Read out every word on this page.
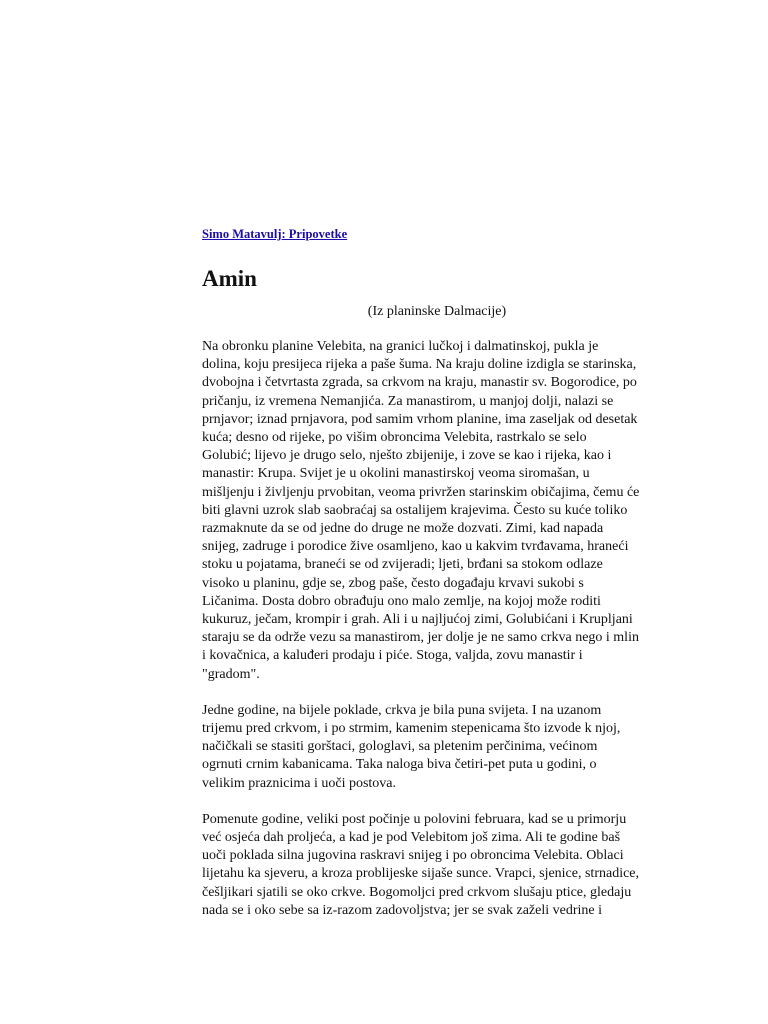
Simo Matavulj: Pripovetke
Amin
(Iz planinske Dalmacije)

Na obronku planine Velebita, na granici lučkoj i dalmatinskoj, pukla je
dolina, koju presijeca rijeka a paše šuma. Na kraju doline izdigla se starinska,
dvobojna i četvrtasta zgrada, sa crkvom na kraju, manastir sv. Bogorodice, po
pričanju, iz vremena Nemanjića. Za manastirom, u manjoj dolji, nalazi se
prnjavor; iznad prnjavora, pod samim vrhom planine, ima zaseljak od desetak
kuća; desno od rijeke, po višim obroncima Velebita, rastrkalo se selo
Golubić; lijevo je drugo selo, nješto zbijenije, i zove se kao i rijeka, kao i
manastir: Krupa. Svijet je u okolini manastirskoj veoma siromašan, u
mišljenju i življenju prvobitan, veoma privržen starinskim običajima, čemu će
biti glavni uzrok slab saobraćaj sa ostalijem krajevima. Često su kuće toliko
razmaknute da se od jedne do druge ne može dozvati. Zimi, kad napada
snijeg, zadruge i porodice žive osamljeno, kao u kakvim tvrđavama, hraneći
stoku u pojatama, braneći se od zvijeradi; ljeti, brđani sa stokom odlaze
visoko u planinu, gdje se, zbog paše, često događaju krvavi sukobi s
Ličanima. Dosta dobro obrađuju ono malo zemlje, na kojoj može roditi
kukuruz, ječam, krompir i grah. Ali i u najljućoj zimi, Golubićani i Krupljani
staraju se da održe vezu sa manastirom, jer dolje je ne samo crkva nego i mlin
i kovačnica, a kaluđeri prodaju i piće. Stoga, valjda, zovu manastir i
"gradom".

Jedne godine, na bijele poklade, crkva je bila puna svijeta. I na uzanom
trijemu pred crkvom, i po strmim, kamenim stepenicama što izvode k njoj,
načičkali se stasiti gorštaci, gologlavi, sa pletenim perčinima, većinom
ogrnuti crnim kabanicama. Taka naloga biva četiri-pet puta u godini, o
velikim praznicima i uoči postova.

Pomenute godine, veliki post počinje u polovini februara, kad se u primorju
već osjeća dah proljeća, a kad je pod Velebitom još zima. Ali te godine baš
uoči poklada silna jugovina raskravi snijeg i po obroncima Velebita. Oblaci
lijetahu ka sjeveru, a kroza problijeske sijaše sunce. Vrapci, sjenice, strnadice,
češljikari sjatili se oko crkve. Bogomoljci pred crkvom slušaju ptice, gledaju
nada se i oko sebe sa iz-razom zadovoljstva; jer se svak zaželi vedrine i
